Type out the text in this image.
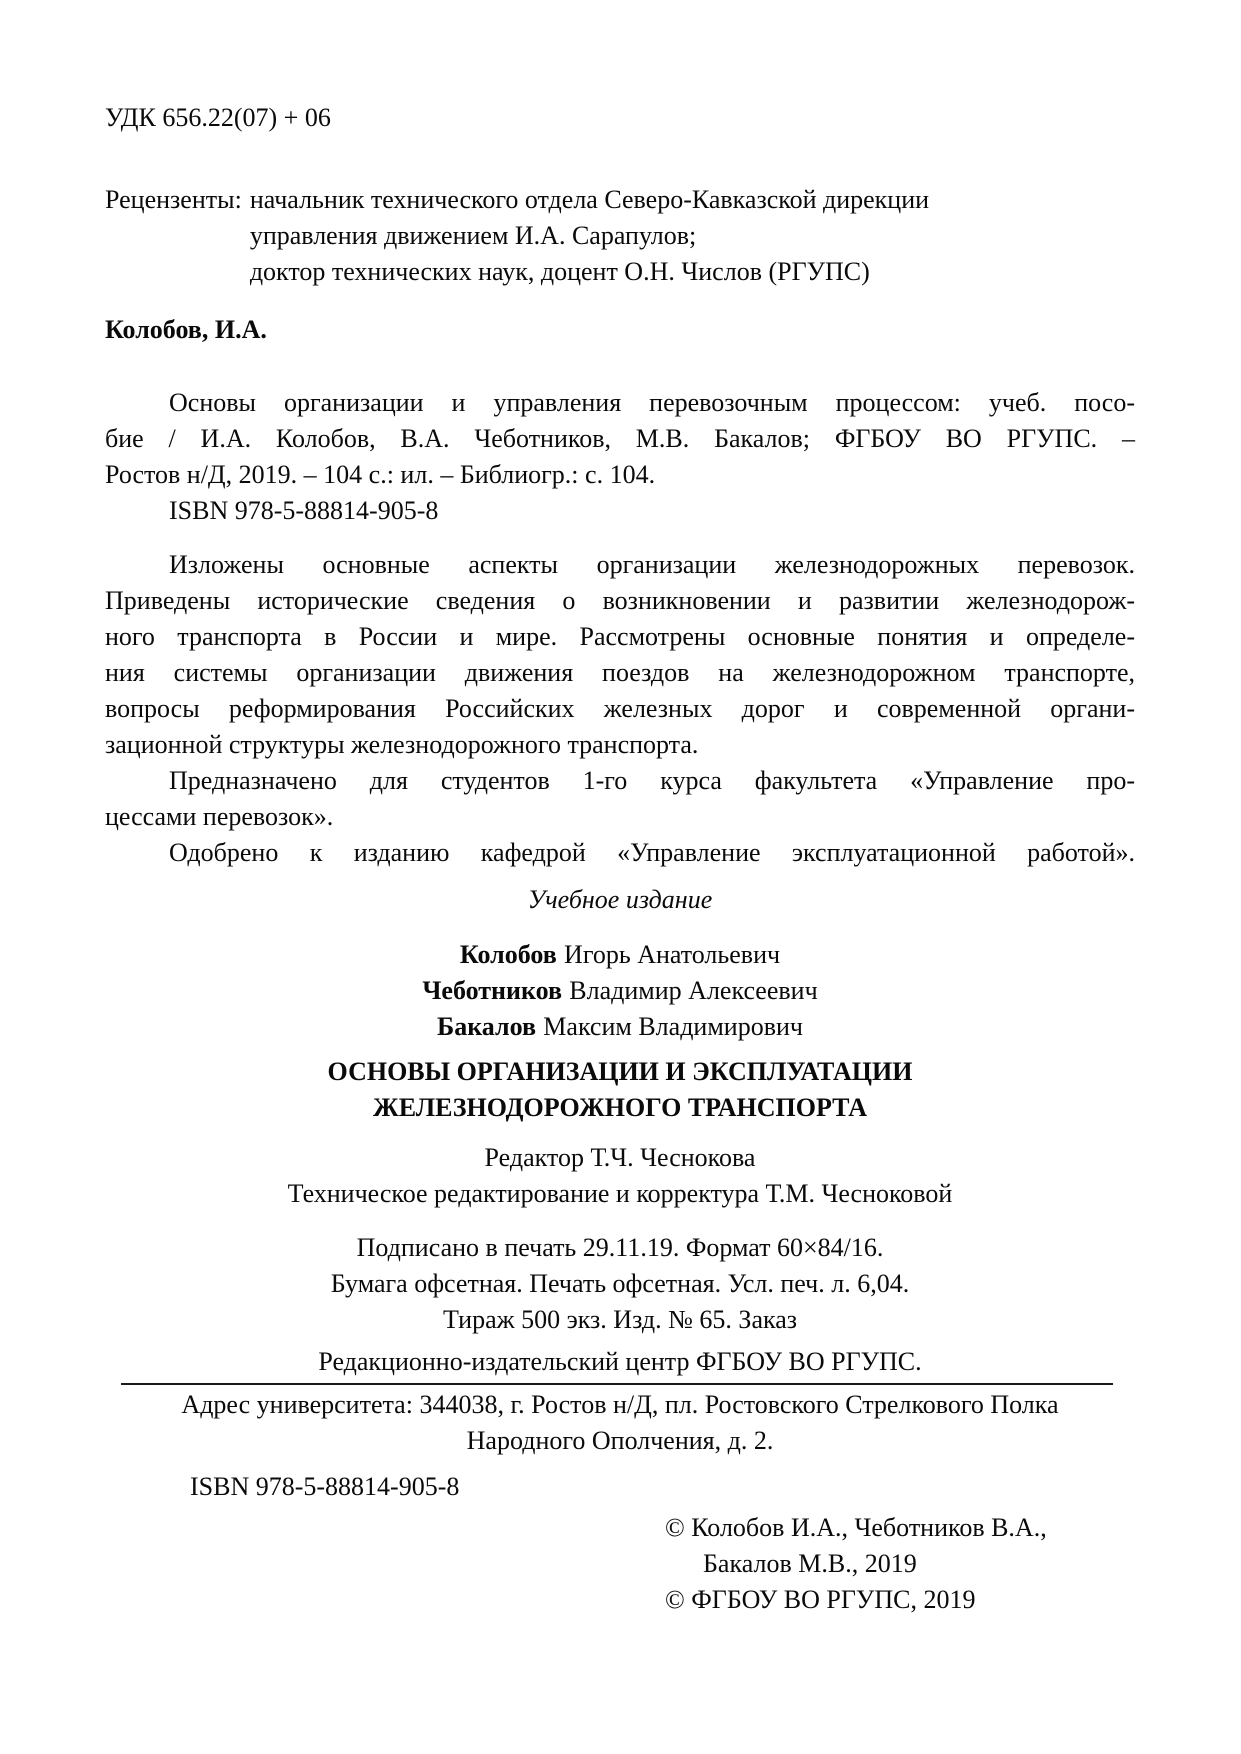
УДК 656.22(07) + 06
Рецензенты: начальник технического отдела Северо-Кавказской дирекции
управления движением И.А. Сарапулов;
доктор технических наук, доцент О.Н. Числов (РГУПС)
Колобов, И.А.
Основы организации и управления перевозочным процессом: учеб. посо-
бие / И.А. Колобов, В.А. Чеботников, М.В. Бакалов; ФГБОУ ВО РГУПС. –
Ростов н/Д, 2019. – 104 с.: ил. – Библиогр.: с. 104.
ISBN 978-5-88814-905-8
Изложены основные аспекты организации железнодорожных перевозок.
Приведены исторические сведения о возникновении и развитии железнодорож-
ного транспорта в России и мире. Рассмотрены основные понятия и определе-
ния системы организации движения поездов на железнодорожном транспорте,
вопросы реформирования Российских железных дорог и современной органи-
зационной структуры железнодорожного транспорта.
Предназначено для студентов 1-го курса факультета «Управление про-
цессами перевозок».
Одобрено к изданию кафедрой «Управление эксплуатационной работой».
Учебное издание
Колобов Игорь Анатольевич
Чеботников Владимир Алексеевич
Бакалов Максим Владимирович
ОСНОВЫ ОРГАНИЗАЦИИ И ЭКСПЛУАТАЦИИ
ЖЕЛЕЗНОДОРОЖНОГО ТРАНСПОРТА
Редактор Т.Ч. Чеснокова
Техническое редактирование и корректура Т.М. Чесноковой
Подписано в печать 29.11.19. Формат 60×84/16.
Бумага офсетная. Печать офсетная. Усл. печ. л. 6,04.
Тираж 500 экз. Изд. № 65. Заказ
Редакционно-издательский центр ФГБОУ ВО РГУПС.
Адрес университета: 344038, г. Ростов н/Д, пл. Ростовского Стрелкового Полка
Народного Ополчения, д. 2.
ISBN 978-5-88814-905-8
© Колобов И.А., Чеботников В.А.,
Бакалов М.В., 2019
© ФГБОУ ВО РГУПС, 2019
